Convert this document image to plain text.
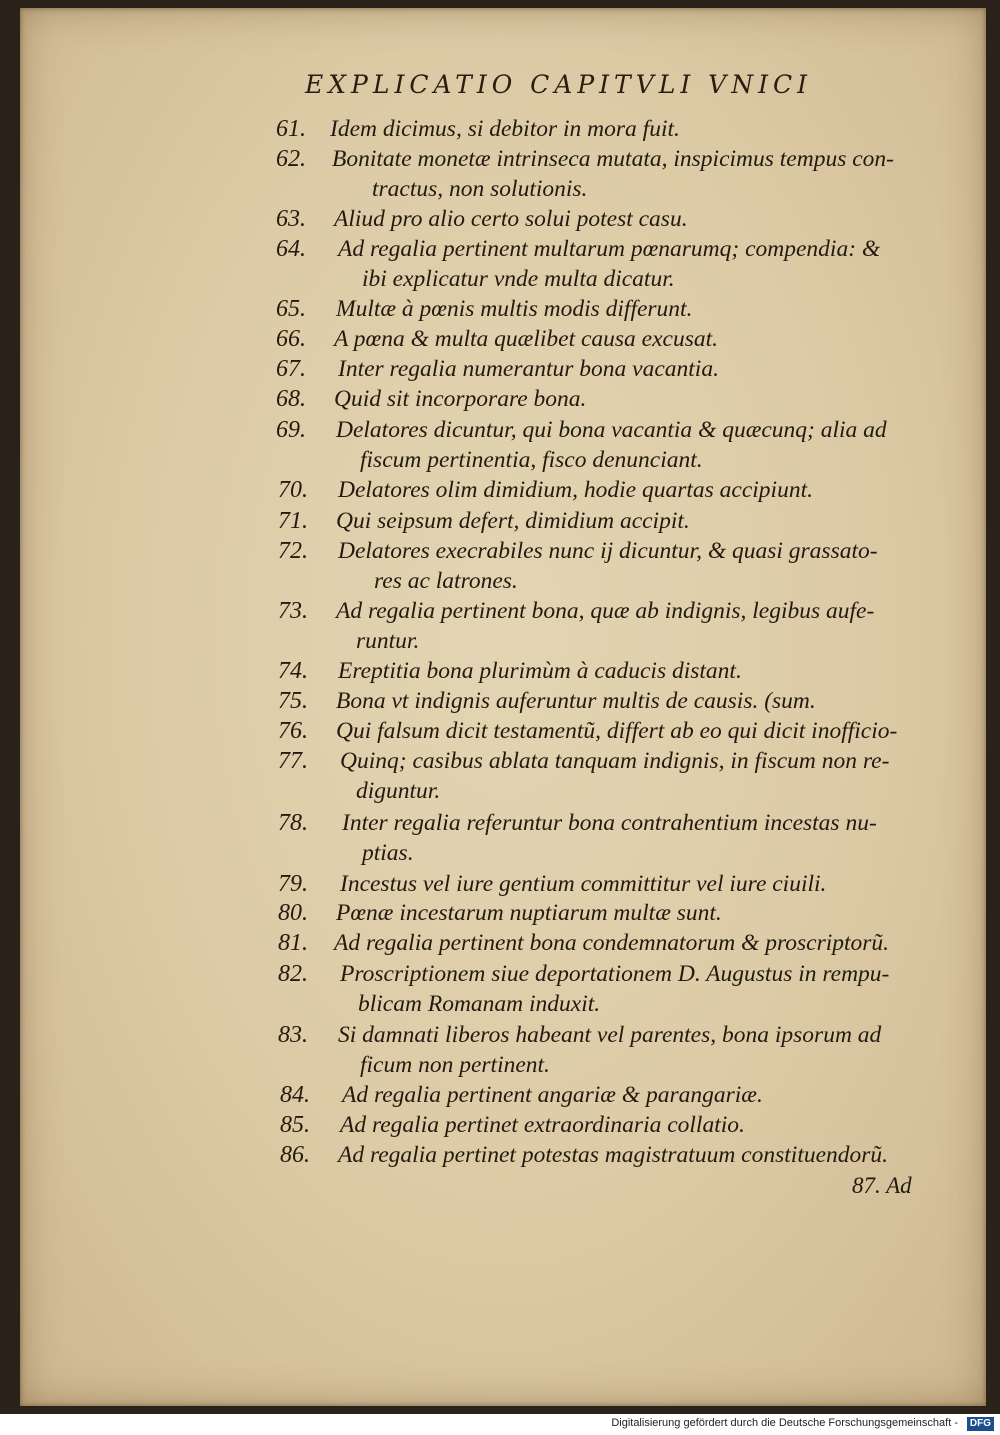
EXPLICATIO CAPITVLI VNICI
61. Idem dicimus, si debitor in mora fuit.
62. Bonitate monetæ intrinseca mutata, inspicimus tempus con-
tractus, non solutionis.
63. Aliud pro alio certo solui potest casu.
64. Ad regalia pertinent multarum pœnarumq; compendia: &
ibi explicatur vnde multa dicatur.
65. Multæ à pœnis multis modis differunt.
66. A pœna & multa quælibet causa excusat.
67. Inter regalia numerantur bona vacantia.
68. Quid sit incorporare bona.
69. Delatores dicuntur, qui bona vacantia & quæcunq; alia ad
fiscum pertinentia, fisco denunciant.
70. Delatores olim dimidium, hodie quartas accipiunt.
71. Qui seipsum defert, dimidium accipit.
72. Delatores execrabiles nunc ij dicuntur, & quasi grassato-
res ac latrones.
73. Ad regalia pertinent bona, quæ ab indignis, legibus aufe-
runtur.
74. Ereptitia bona plurimùm à caducis distant.
75. Bona vt indignis auferuntur multis de causis. (sum.
76. Qui falsum dicit testamentũ, differt ab eo qui dicit inofficio-
77. Quinq; casibus ablata tanquam indignis, in fiscum non re-
diguntur.
78. Inter regalia referuntur bona contrahentium incestas nu-
ptias.
79. Incestus vel iure gentium committitur vel iure ciuili.
80. Pœnæ incestarum nuptiarum multæ sunt.
81. Ad regalia pertinent bona condemnatorum & proscriptorũ.
82. Proscriptionem siue deportationem D. Augustus in rempu-
blicam Romanam induxit.
83. Si damnati liberos habeant vel parentes, bona ipsorum ad
ficum non pertinent.
84. Ad regalia pertinent angariæ & parangariæ.
85. Ad regalia pertinet extraordinaria collatio.
86. Ad regalia pertinet potestas magistratuum constituendorũ.
87. Ad
Digitalisierung gefördert durch die Deutsche Forschungsgemeinschaft -	DFG
